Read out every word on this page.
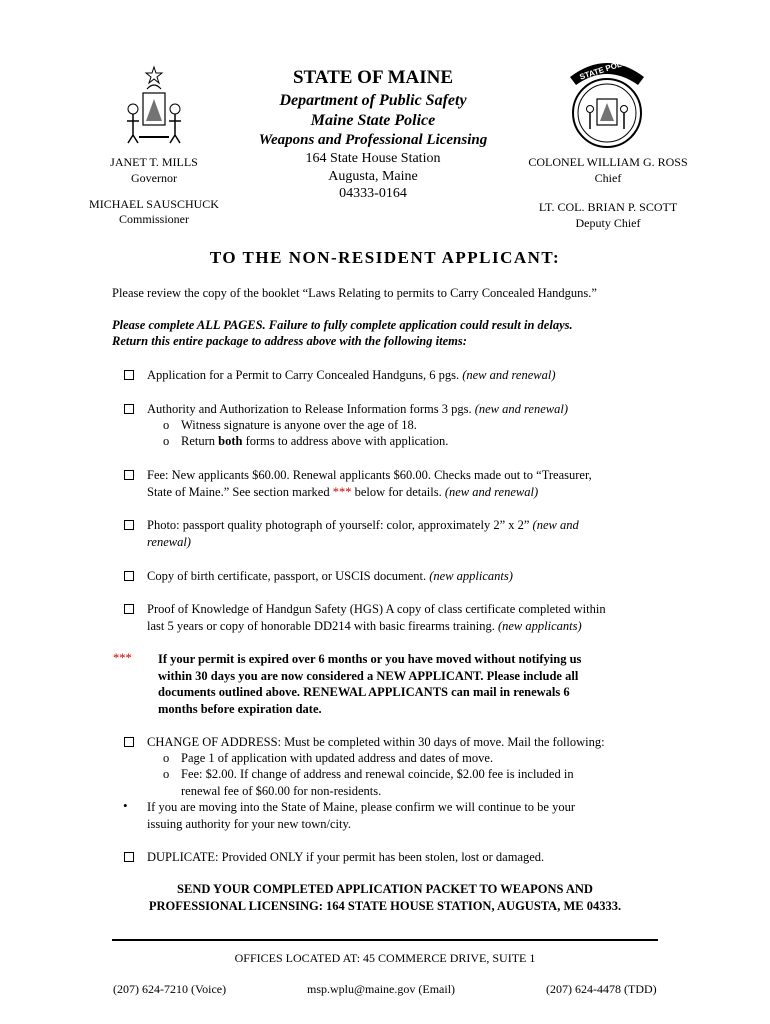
STATE POLICE
STATE OF MAINE
Department of Public Safety
Maine State Police
Weapons and Professional Licensing
164 State House Station
Augusta, Maine
04333-0164
JANET T. MILLS
Governor
MICHAEL SAUSCHUCK
Commissioner
COLONEL WILLIAM G. ROSS
Chief
LT. COL. BRIAN P. SCOTT
Deputy Chief
TO THE NON-RESIDENT APPLICANT:
Please review the copy of the booklet “Laws Relating to permits to Carry Concealed Handguns.”
Please complete ALL PAGES. Failure to fully complete application could result in delays.
Return this entire package to address above with the following items:
Application for a Permit to Carry Concealed Handguns, 6 pgs. (new and renewal)
Authority and Authorization to Release Information forms 3 pgs. (new and renewal)
o Witness signature is anyone over the age of 18.
o Return both forms to address above with application.
Fee: New applicants $60.00. Renewal applicants $60.00. Checks made out to “Treasurer,
State of Maine.” See section marked *** below for details. (new and renewal)
Photo: passport quality photograph of yourself: color, approximately 2” x 2” (new and
renewal)
Copy of birth certificate, passport, or USCIS document. (new applicants)
Proof of Knowledge of Handgun Safety (HGS) A copy of class certificate completed within
last 5 years or copy of honorable DD214 with basic firearms training. (new applicants)
*** If your permit is expired over 6 months or you have moved without notifying us
within 30 days you are now considered a NEW APPLICANT. Please include all
documents outlined above. RENEWAL APPLICANTS can mail in renewals 6
months before expiration date.
CHANGE OF ADDRESS: Must be completed within 30 days of move. Mail the following:
o Page 1 of application with updated address and dates of move.
o Fee: $2.00. If change of address and renewal coincide, $2.00 fee is included in
renewal fee of $60.00 for non-residents.
• If you are moving into the State of Maine, please confirm we will continue to be your
issuing authority for your new town/city.
DUPLICATE: Provided ONLY if your permit has been stolen, lost or damaged.
SEND YOUR COMPLETED APPLICATION PACKET TO WEAPONS AND
PROFESSIONAL LICENSING: 164 STATE HOUSE STATION, AUGUSTA, ME 04333.
OFFICES LOCATED AT: 45 COMMERCE DRIVE, SUITE 1
(207) 624-7210 (Voice)	msp.wplu@maine.gov (Email)	(207) 624-4478 (TDD)
